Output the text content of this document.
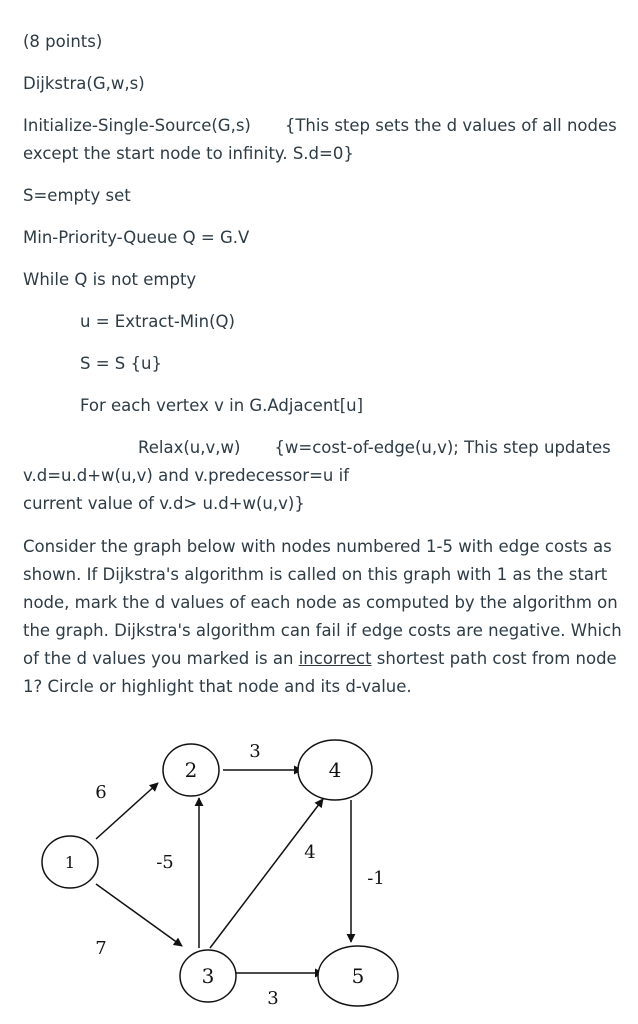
(8 points)
Dijkstra(G,w,s)
Initialize-Single-Source(G,s) {This step sets the d values of all nodes
except the start node to infinity. S.d=0}
S=empty set
Min-Priority-Queue Q = G.V
While Q is not empty
u = Extract-Min(Q)
S = S {u}
For each vertex v in G.Adjacent[u]
Relax(u,v,w) {w=cost-of-edge(u,v); This step updates
v.d=u.d+w(u,v) and v.predecessor=u if
current value of v.d> u.d+w(u,v)}
Consider the graph below with nodes numbered 1-5 with edge costs as shown. If Dijkstra's algorithm is called on this graph with 1 as the start node, mark the d values of each node as computed by the algorithm on the graph. Dijkstra's algorithm can fail if edge costs are negative. Which of the d values you marked is an incorrect shortest path cost from node 1? Circle or highlight that node and its d-value.
6
7
-5
3
4
3
-1
1
2
3
4
5
